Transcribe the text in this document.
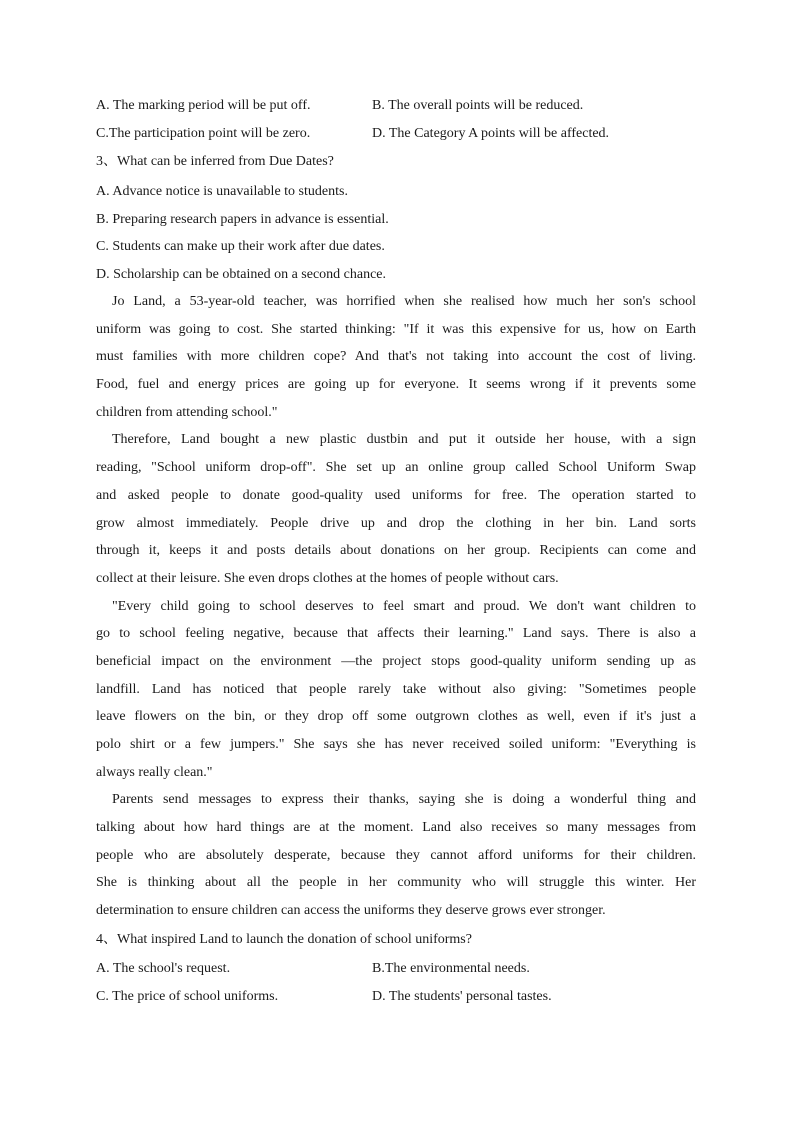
A. The marking period will be put off.	B. The overall points will be reduced.
C.The participation point will be zero.	D. The Category A points will be affected.
3、What can be inferred from Due Dates?
A. Advance notice is unavailable to students.
B. Preparing research papers in advance is essential.
C. Students can make up their work after due dates.
D. Scholarship can be obtained on a second chance.
Jo Land, a 53-year-old teacher, was horrified when she realised how much her son's school
uniform was going to cost. She started thinking: "If it was this expensive for us, how on Earth
must families with more children cope? And that's not taking into account the cost of living.
Food, fuel and energy prices are going up for everyone. It seems wrong if it prevents some
children from attending school."
Therefore, Land bought a new plastic dustbin and put it outside her house, with a sign
reading, "School uniform drop-off". She set up an online group called School Uniform Swap
and asked people to donate good-quality used uniforms for free. The operation started to
grow almost immediately. People drive up and drop the clothing in her bin. Land sorts
through it, keeps it and posts details about donations on her group. Recipients can come and
collect at their leisure. She even drops clothes at the homes of people without cars.
"Every child going to school deserves to feel smart and proud. We don't want children to
go to school feeling negative, because that affects their learning." Land says. There is also a
beneficial impact on the environment —the project stops good-quality uniform sending up as
landfill. Land has noticed that people rarely take without also giving: "Sometimes people
leave flowers on the bin, or they drop off some outgrown clothes as well, even if it's just a
polo shirt or a few jumpers." She says she has never received soiled uniform: "Everything is
always really clean."
Parents send messages to express their thanks, saying she is doing a wonderful thing and
talking about how hard things are at the moment. Land also receives so many messages from
people who are absolutely desperate, because they cannot afford uniforms for their children.
She is thinking about all the people in her community who will struggle this winter. Her
determination to ensure children can access the uniforms they deserve grows ever stronger.
4、What inspired Land to launch the donation of school uniforms?
A. The school's request.	B.The environmental needs.
C. The price of school uniforms.	D. The students' personal tastes.
